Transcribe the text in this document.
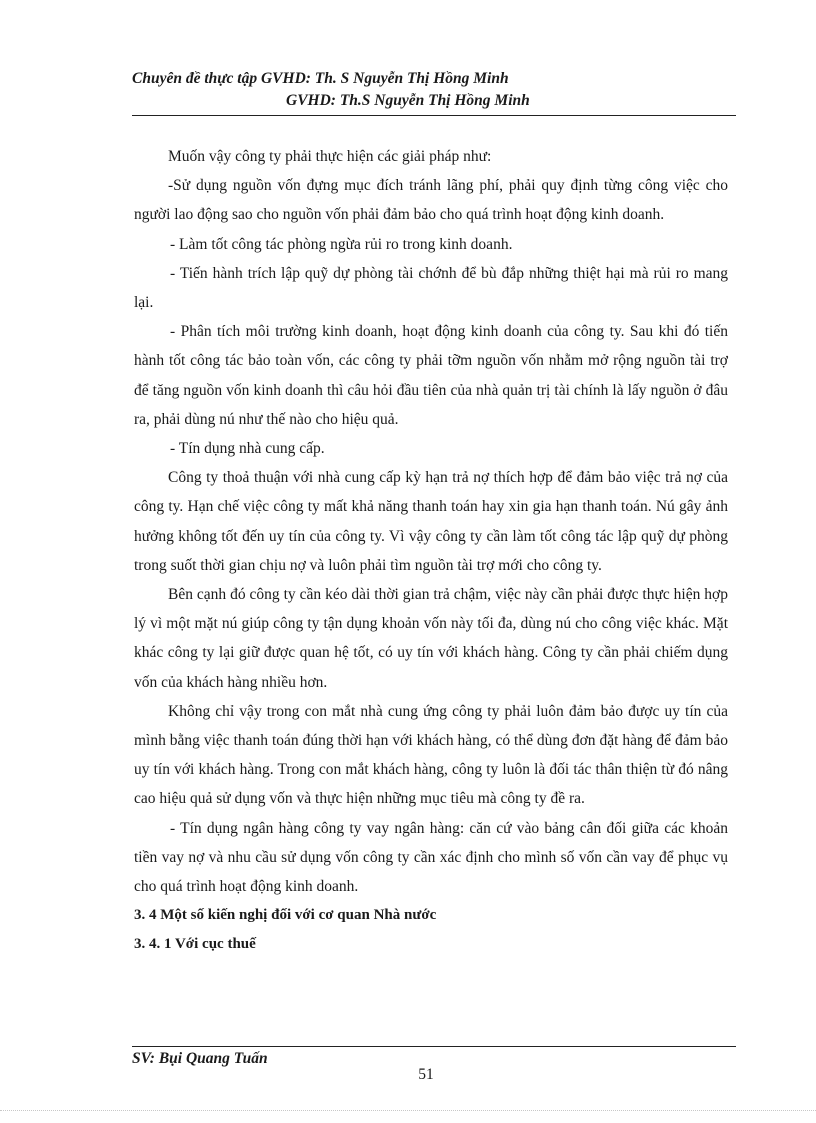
Chuyên đề thực tập GVHD: Th. S Nguyễn Thị Hồng Minh
GVHD: Th.S Nguyễn Thị Hồng Minh

Muốn vậy công ty phải thực hiện các giải pháp như:

-Sử dụng nguồn vốn đựng mục đích tránh lãng phí, phải quy định từng công việc cho người lao động sao cho nguồn vốn phải đảm bảo cho quá trình hoạt động kinh doanh.

- Làm tốt công tác phòng ngừa rủi ro trong kinh doanh.

- Tiến hành trích lập quỹ dự phòng tài chớnh để bù đắp những thiệt hại mà rủi ro mang lại.

- Phân tích môi trường kinh doanh, hoạt động kinh doanh của công ty. Sau khi đó tiến hành tốt công tác bảo toàn vốn, các công ty phải tỡm nguồn vốn nhằm mở rộng nguồn tài trợ để tăng nguồn vốn kinh doanh thì câu hỏi đầu tiên của nhà quản trị tài chính là lấy nguồn ở đâu ra, phải dùng nú như thế nào cho hiệu quả.

- Tín dụng nhà cung cấp.

Công ty thoả thuận với nhà cung cấp kỳ hạn trả nợ thích hợp để đảm bảo việc trả nợ của công ty. Hạn chế việc công ty mất khả năng thanh toán hay xin gia hạn thanh toán. Nú gây ảnh hưởng không tốt đến uy tín của công ty. Vì vậy công ty cần làm tốt công tác lập quỹ dự phòng trong suốt thời gian chịu nợ và luôn phải tìm nguồn tài trợ mới cho công ty.

Bên cạnh đó công ty cần kéo dài thời gian trả chậm, việc này cần phải được thực hiện hợp lý vì một mặt nú giúp công ty tận dụng khoản vốn này tối đa, dùng nú cho công việc khác. Mặt khác công ty lại giữ được quan hệ tốt, có uy tín với khách hàng. Công ty cần phải chiếm dụng vốn của khách hàng nhiều hơn.

Không chỉ vậy trong con mắt nhà cung ứng công ty phải luôn đảm bảo được uy tín của mình bằng việc thanh toán đúng thời hạn với khách hàng, có thể dùng đơn đặt hàng để đảm bảo uy tín với khách hàng. Trong con mắt khách hàng, công ty luôn là đối tác thân thiện từ đó nâng cao hiệu quả sử dụng vốn và thực hiện những mục tiêu mà công ty đề ra.

- Tín dụng ngân hàng công ty vay ngân hàng: căn cứ vào bảng cân đối giữa các khoản tiền vay nợ và nhu cầu sử dụng vốn công ty cần xác định cho mình số vốn cần vay để phục vụ cho quá trình hoạt động kinh doanh.

3. 4 Một số kiến nghị đối với cơ quan Nhà nước

3. 4. 1 Với cục thuế

SV: Bụi Quang Tuấn
51
